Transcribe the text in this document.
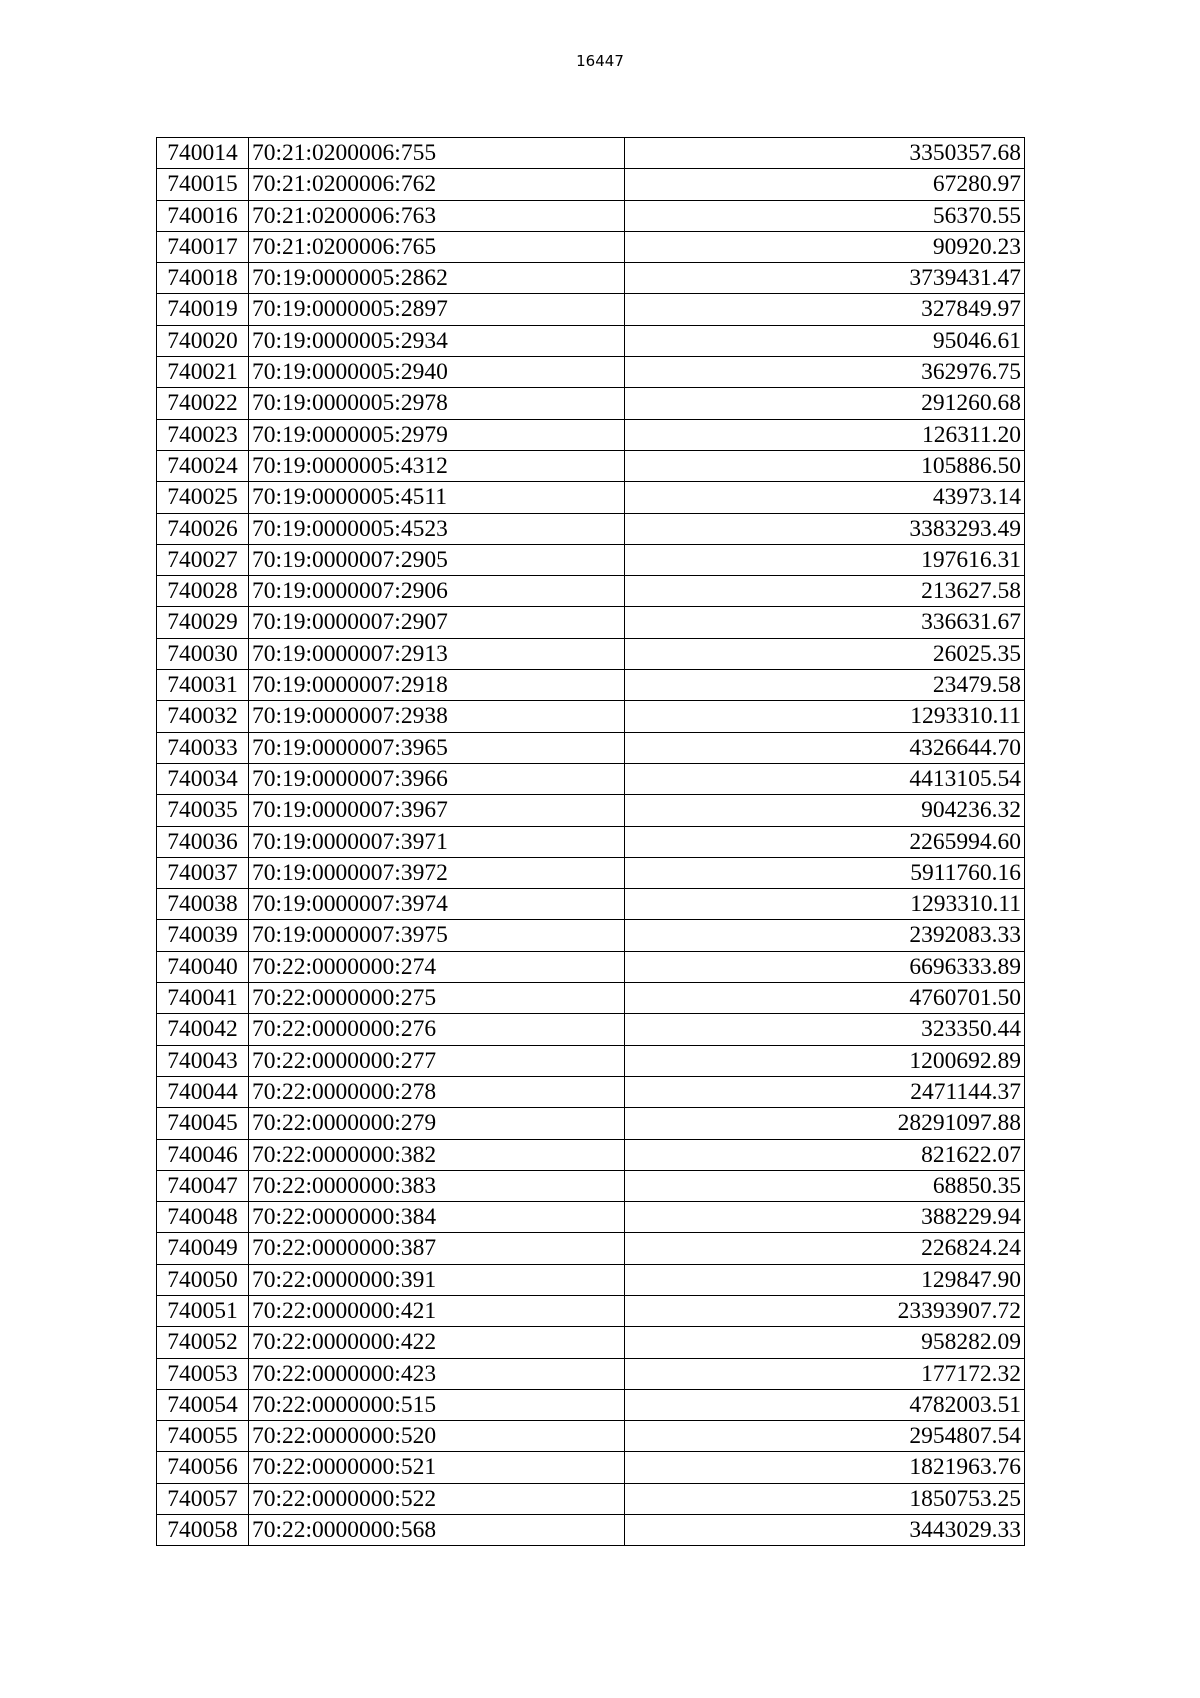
16447
740014	70:21:0200006:755	3350357.68
740015	70:21:0200006:762	67280.97
740016	70:21:0200006:763	56370.55
740017	70:21:0200006:765	90920.23
740018	70:19:0000005:2862	3739431.47
740019	70:19:0000005:2897	327849.97
740020	70:19:0000005:2934	95046.61
740021	70:19:0000005:2940	362976.75
740022	70:19:0000005:2978	291260.68
740023	70:19:0000005:2979	126311.20
740024	70:19:0000005:4312	105886.50
740025	70:19:0000005:4511	43973.14
740026	70:19:0000005:4523	3383293.49
740027	70:19:0000007:2905	197616.31
740028	70:19:0000007:2906	213627.58
740029	70:19:0000007:2907	336631.67
740030	70:19:0000007:2913	26025.35
740031	70:19:0000007:2918	23479.58
740032	70:19:0000007:2938	1293310.11
740033	70:19:0000007:3965	4326644.70
740034	70:19:0000007:3966	4413105.54
740035	70:19:0000007:3967	904236.32
740036	70:19:0000007:3971	2265994.60
740037	70:19:0000007:3972	5911760.16
740038	70:19:0000007:3974	1293310.11
740039	70:19:0000007:3975	2392083.33
740040	70:22:0000000:274	6696333.89
740041	70:22:0000000:275	4760701.50
740042	70:22:0000000:276	323350.44
740043	70:22:0000000:277	1200692.89
740044	70:22:0000000:278	2471144.37
740045	70:22:0000000:279	28291097.88
740046	70:22:0000000:382	821622.07
740047	70:22:0000000:383	68850.35
740048	70:22:0000000:384	388229.94
740049	70:22:0000000:387	226824.24
740050	70:22:0000000:391	129847.90
740051	70:22:0000000:421	23393907.72
740052	70:22:0000000:422	958282.09
740053	70:22:0000000:423	177172.32
740054	70:22:0000000:515	4782003.51
740055	70:22:0000000:520	2954807.54
740056	70:22:0000000:521	1821963.76
740057	70:22:0000000:522	1850753.25
740058	70:22:0000000:568	3443029.33
